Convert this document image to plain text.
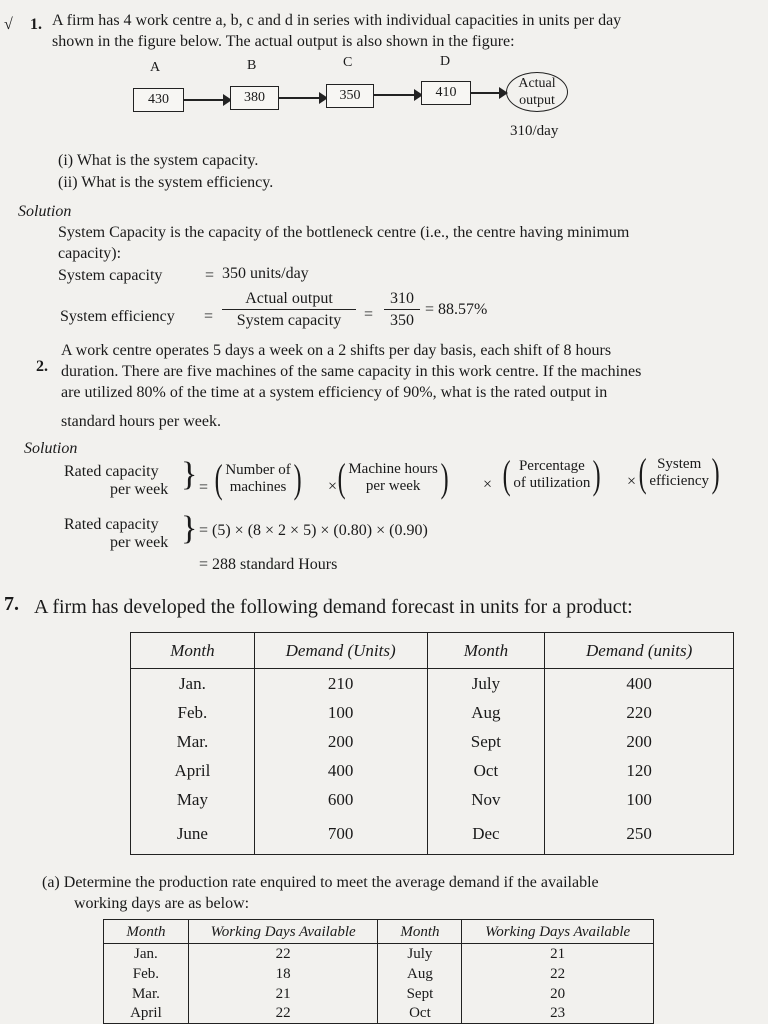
√ 1. A firm has 4 work centre a, b, c and d in series with individual capacities in units per day
shown in the figure below. The actual output is also shown in the figure:
A	B	C	D
430	380	350	410
Actual
output
310/day
(i) What is the system capacity.
(ii) What is the system efficiency.
Solution
System Capacity is the capacity of the bottleneck centre (i.e., the centre having minimum
capacity):
System capacity	= 350 units/day
System efficiency =
Actual output
System capacity	= $\frac{310}{350} = 88.57\%$
2.
A work centre operates 5 days a week on a 2 shifts per day basis, each shift of 8 hours
duration. There are five machines of the same capacity in this work centre. If the machines
are utilized 80% of the time at a system efficiency of 90%, what is the rated output in
standard hours per week.
Solution
Rated capacity
per week } = ( Number of
machines ) × ( Machine hours
per week ) × ( Percentage
of utilization ) × ( System
efficiency )
Rated capacity
per week } = (5) × (8 × 2 × 5) × (0.80) × (0.90)
= 288 standard Hours
7. A firm has developed the following demand forecast in units for a product:
Month	Demand (Units)	Month	Demand (units)
Jan.	210	July	400
Feb.	100	Aug	220
Mar.	200	Sept	200
April	400	Oct	120
May	600	Nov	100
June	700	Dec	250
(a) Determine the production rate enquired to meet the average demand if the available
working days are as below:
Month	Working Days Available	Month	Working Days Available
Jan.	22	July	21
Feb.	18	Aug	22
Mar.	21	Sept	20
April	22	Oct	23
